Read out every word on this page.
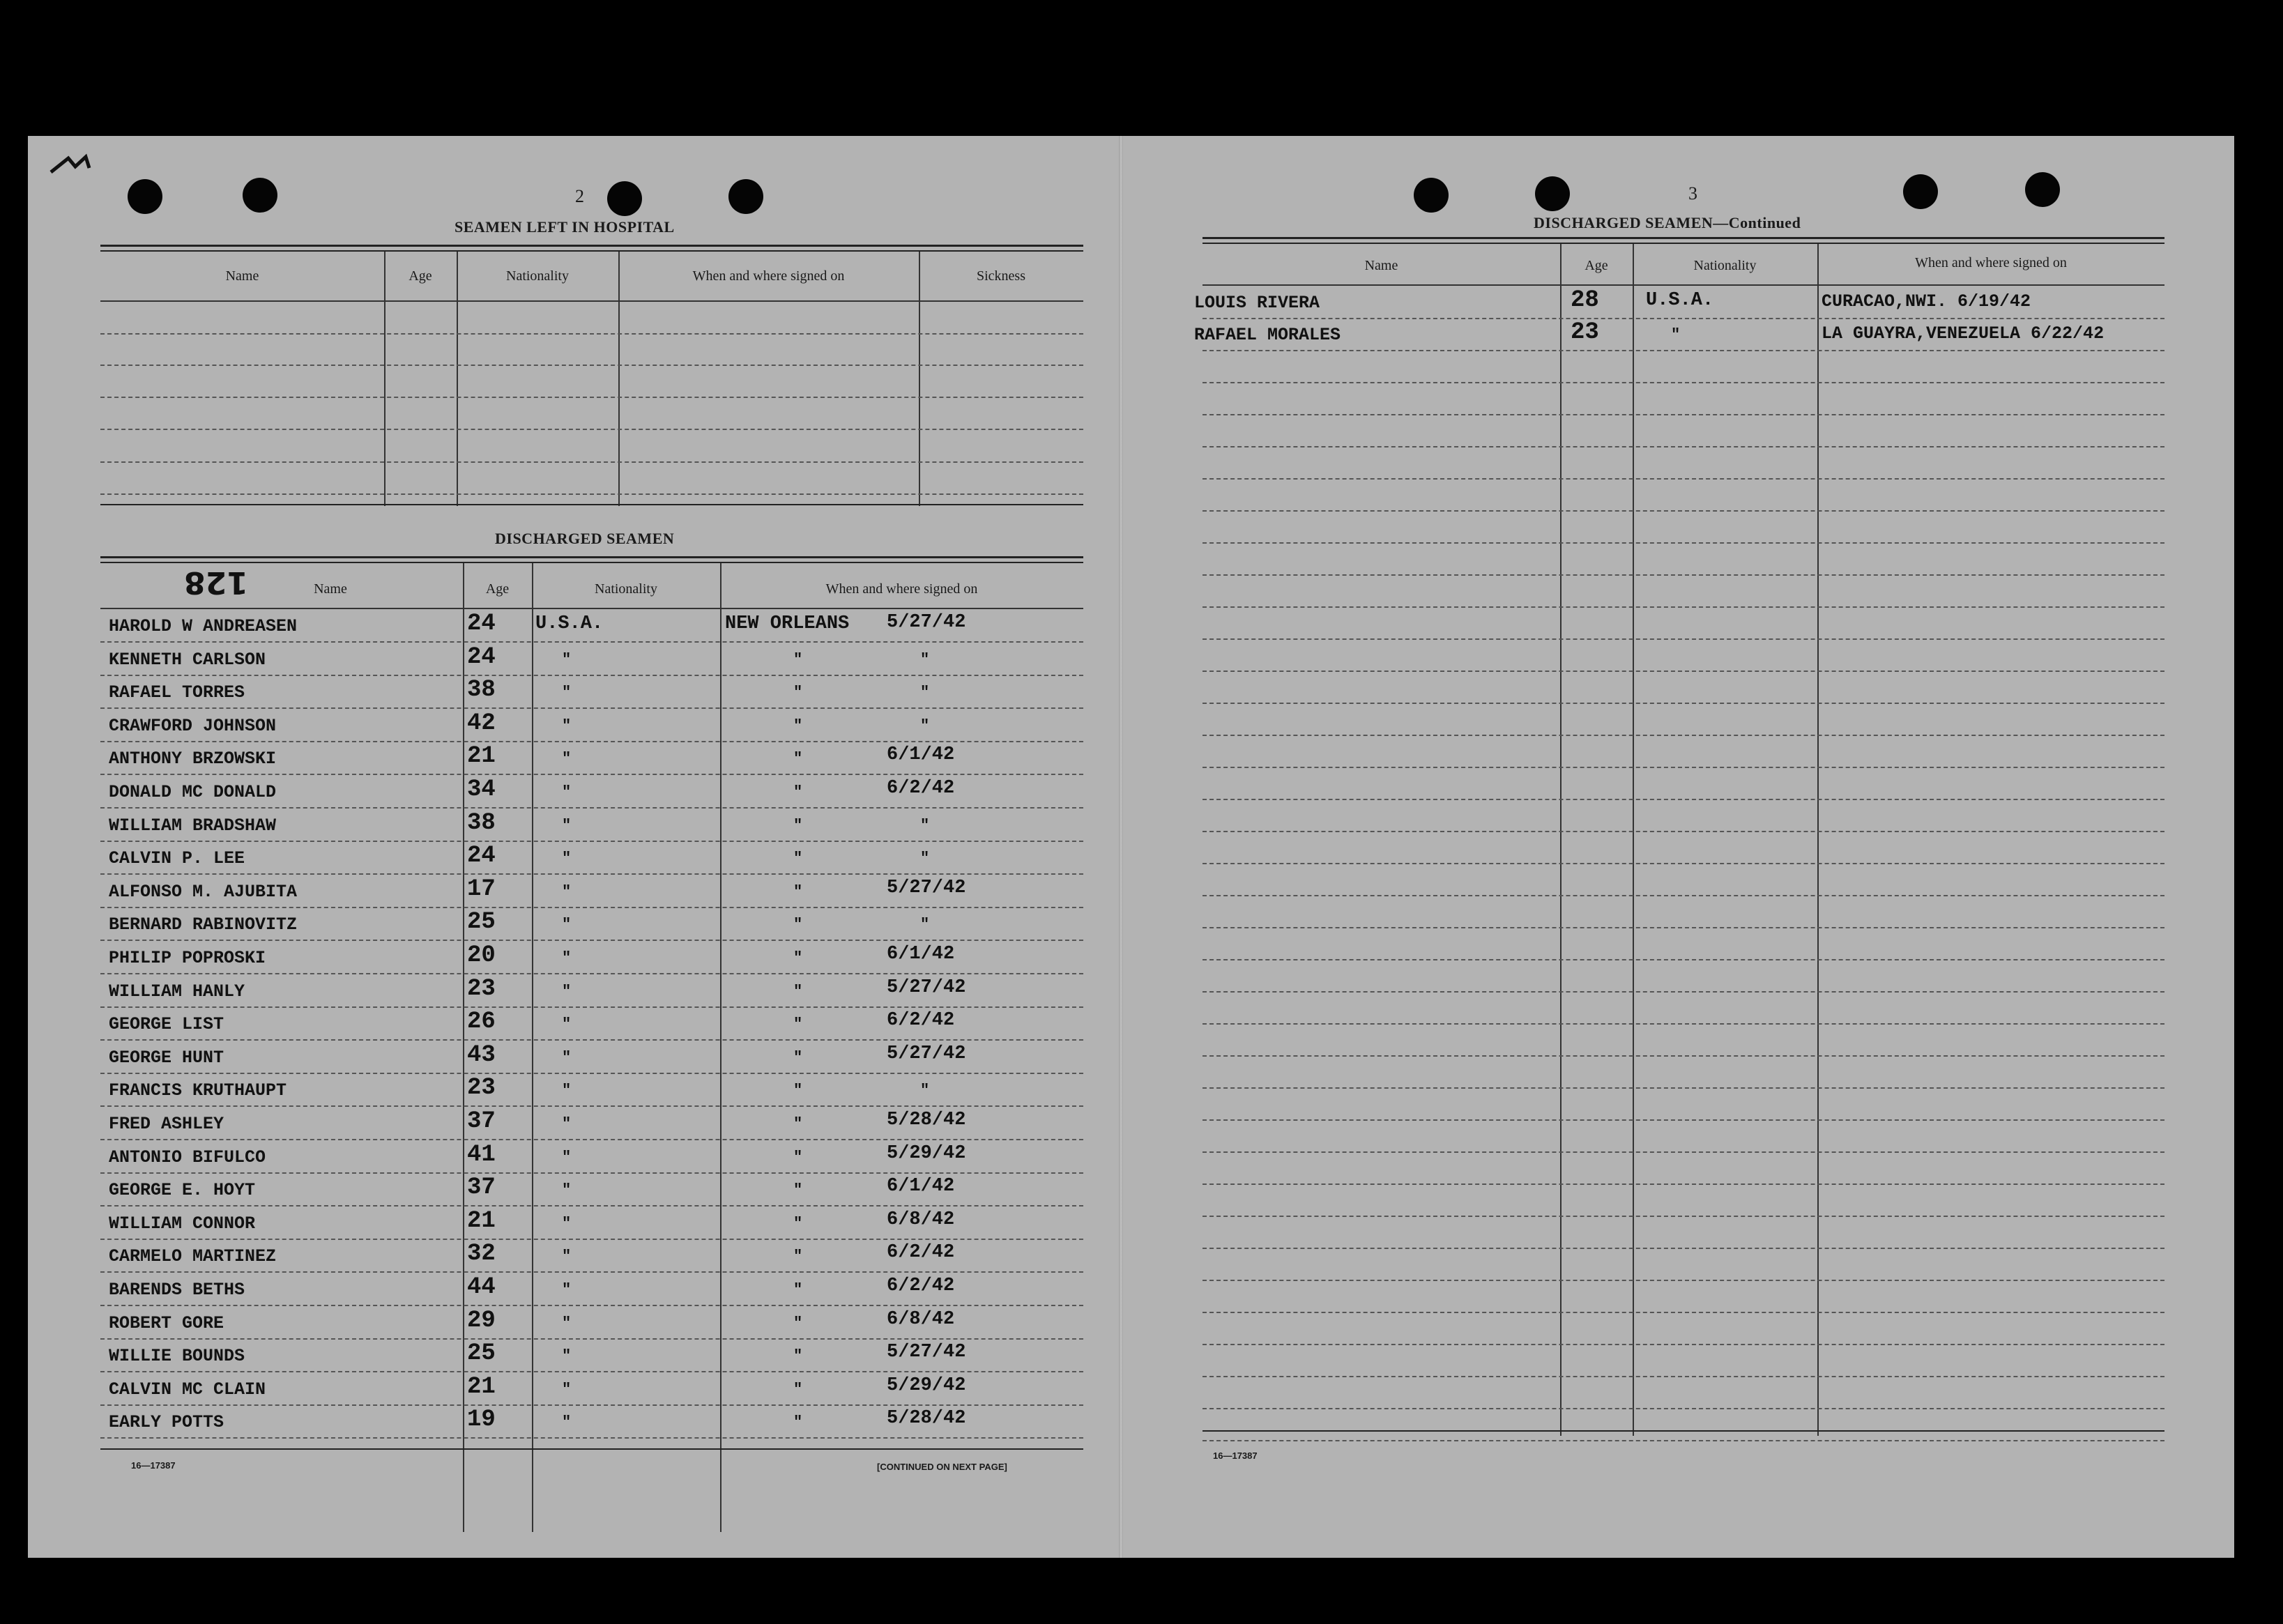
2
SEAMEN LEFT IN HOSPITAL
Name	Age	Nationality	When and where signed on	Sickness
DISCHARGED SEAMEN
128	Name	Age	Nationality	When and where signed on
HAROLD W ANDREASEN	24 U.S.A.	NEW ORLEANS 5/27/42
KENNETH CARLSON	24	"	"	"
RAFAEL TORRES	38	"	"	"
CRAWFORD JOHNSON	42	"	"	"
ANTHONY BRZOWSKI	21	"	"	6/1/42
DONALD MC DONALD	34	"	"	6/2/42
WILLIAM BRADSHAW	38	"	"	"
CALVIN P. LEE	24	"	"	"
ALFONSO M. AJUBITA	17	"	"	5/27/42
BERNARD RABINOVITZ	25	"	"	"
PHILIP POPROSKI	20	"	"	6/1/42
WILLIAM HANLY	23	"	"	5/27/42
GEORGE LIST	26	"	"	6/2/42
GEORGE HUNT	43	"	"	5/27/42
FRANCIS KRUTHAUPT	23	"	"	"
FRED ASHLEY	37	"	"	5/28/42
ANTONIO BIFULCO	41	"	"	5/29/42
GEORGE E. HOYT	37	"	"	6/1/42
WILLIAM CONNOR	21	"	"	6/8/42
CARMELO MARTINEZ	32	"	"	6/2/42
BARENDS BETHS	44	"	"	6/2/42
ROBERT GORE	29	"	"	6/8/42
WILLIE BOUNDS	25	"	"	5/27/42
CALVIN MC CLAIN	21	"	"	5/29/42
EARLY POTTS	19	"	"	5/28/42
16—17387	[CONTINUED ON NEXT PAGE]
3
DISCHARGED SEAMEN—Continued
Name	Age	Nationality	When and where signed on
LOUIS RIVERA	28 U.S.A.	CURACAO,NWI. 6/19/42
RAFAEL MORALES	23	"	LA GUAYRA,VENEZUELA 6/22/42
16—17387
